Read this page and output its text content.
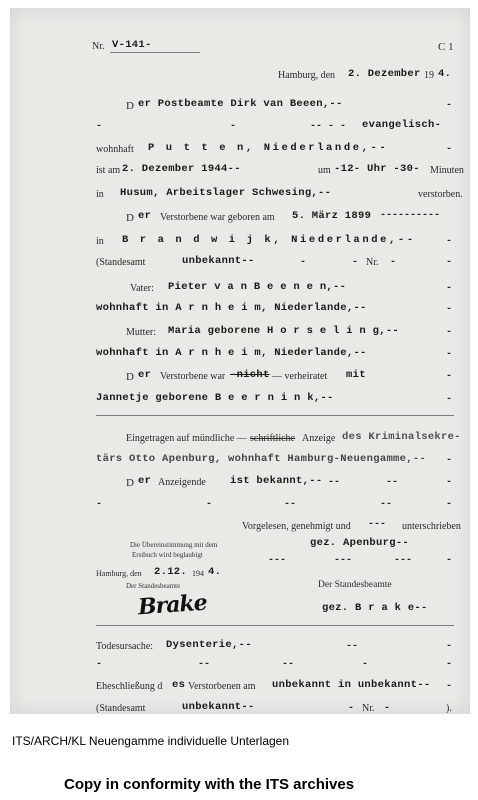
Nr. V-141-	C 1
Hamburg, den 2. Dezember 19 4.
D er Postbeamte Dirk van Beeen,--	-
-	-	-- - - evangelisch-
wohnhaft P u t t e n, Niederlande,--	-
ist am 2. Dezember 1944--	um -12- Uhr -30- Minuten
in Husum, Arbeitslager Schwesing,--	verstorben.
D er Verstorbene war geboren am 5. März 1899 ----------
in B r a n d w i j k, Niederlande,--	-
(Standesamt	unbekannt--	-	- Nr. -	-
Vater: Pieter v a n B e e n e n,--	-
wohnhaft in A r n h e i m, Niederlande,--	-
Mutter: Maria geborene H o r s e l i n g,--	-
wohnhaft in A r n h e i m, Niederlande,--	-
D er Verstorbene war -nicht — verheiratet mit	-
Jannetje geborene B e e r n i n k,--	-
Eingetragen auf mündliche — schriftliche Anzeige des Kriminalsekre-
tärs Otto Apenburg, wohnhaft Hamburg-Neuengamme,-- -
D er Anzeigende ist bekannt,-- --	--	-
-	-	--	--	-
Vorgelesen, genehmigt und --- unterschrieben
Die Übereinstimmung mit dem
Erstbuch wird beglaubigt
gez. Apenburg--
---	---	---	-
Hamburg, den 2.12. 194 4.
Der Standesbeamte
Brake
Der Standesbeamte
gez. B r a k e--
Todesursache: Dysenterie,--	--	-
-	--	--	-	-
Eheschließung d es Verstorbenen am unbekannt in unbekannt-- -
(Standesamt	unbekannt--	- Nr. -	).
ITS/ARCH/KL Neuengamme individuelle Unterlagen
Copy in conformity with the ITS archives
